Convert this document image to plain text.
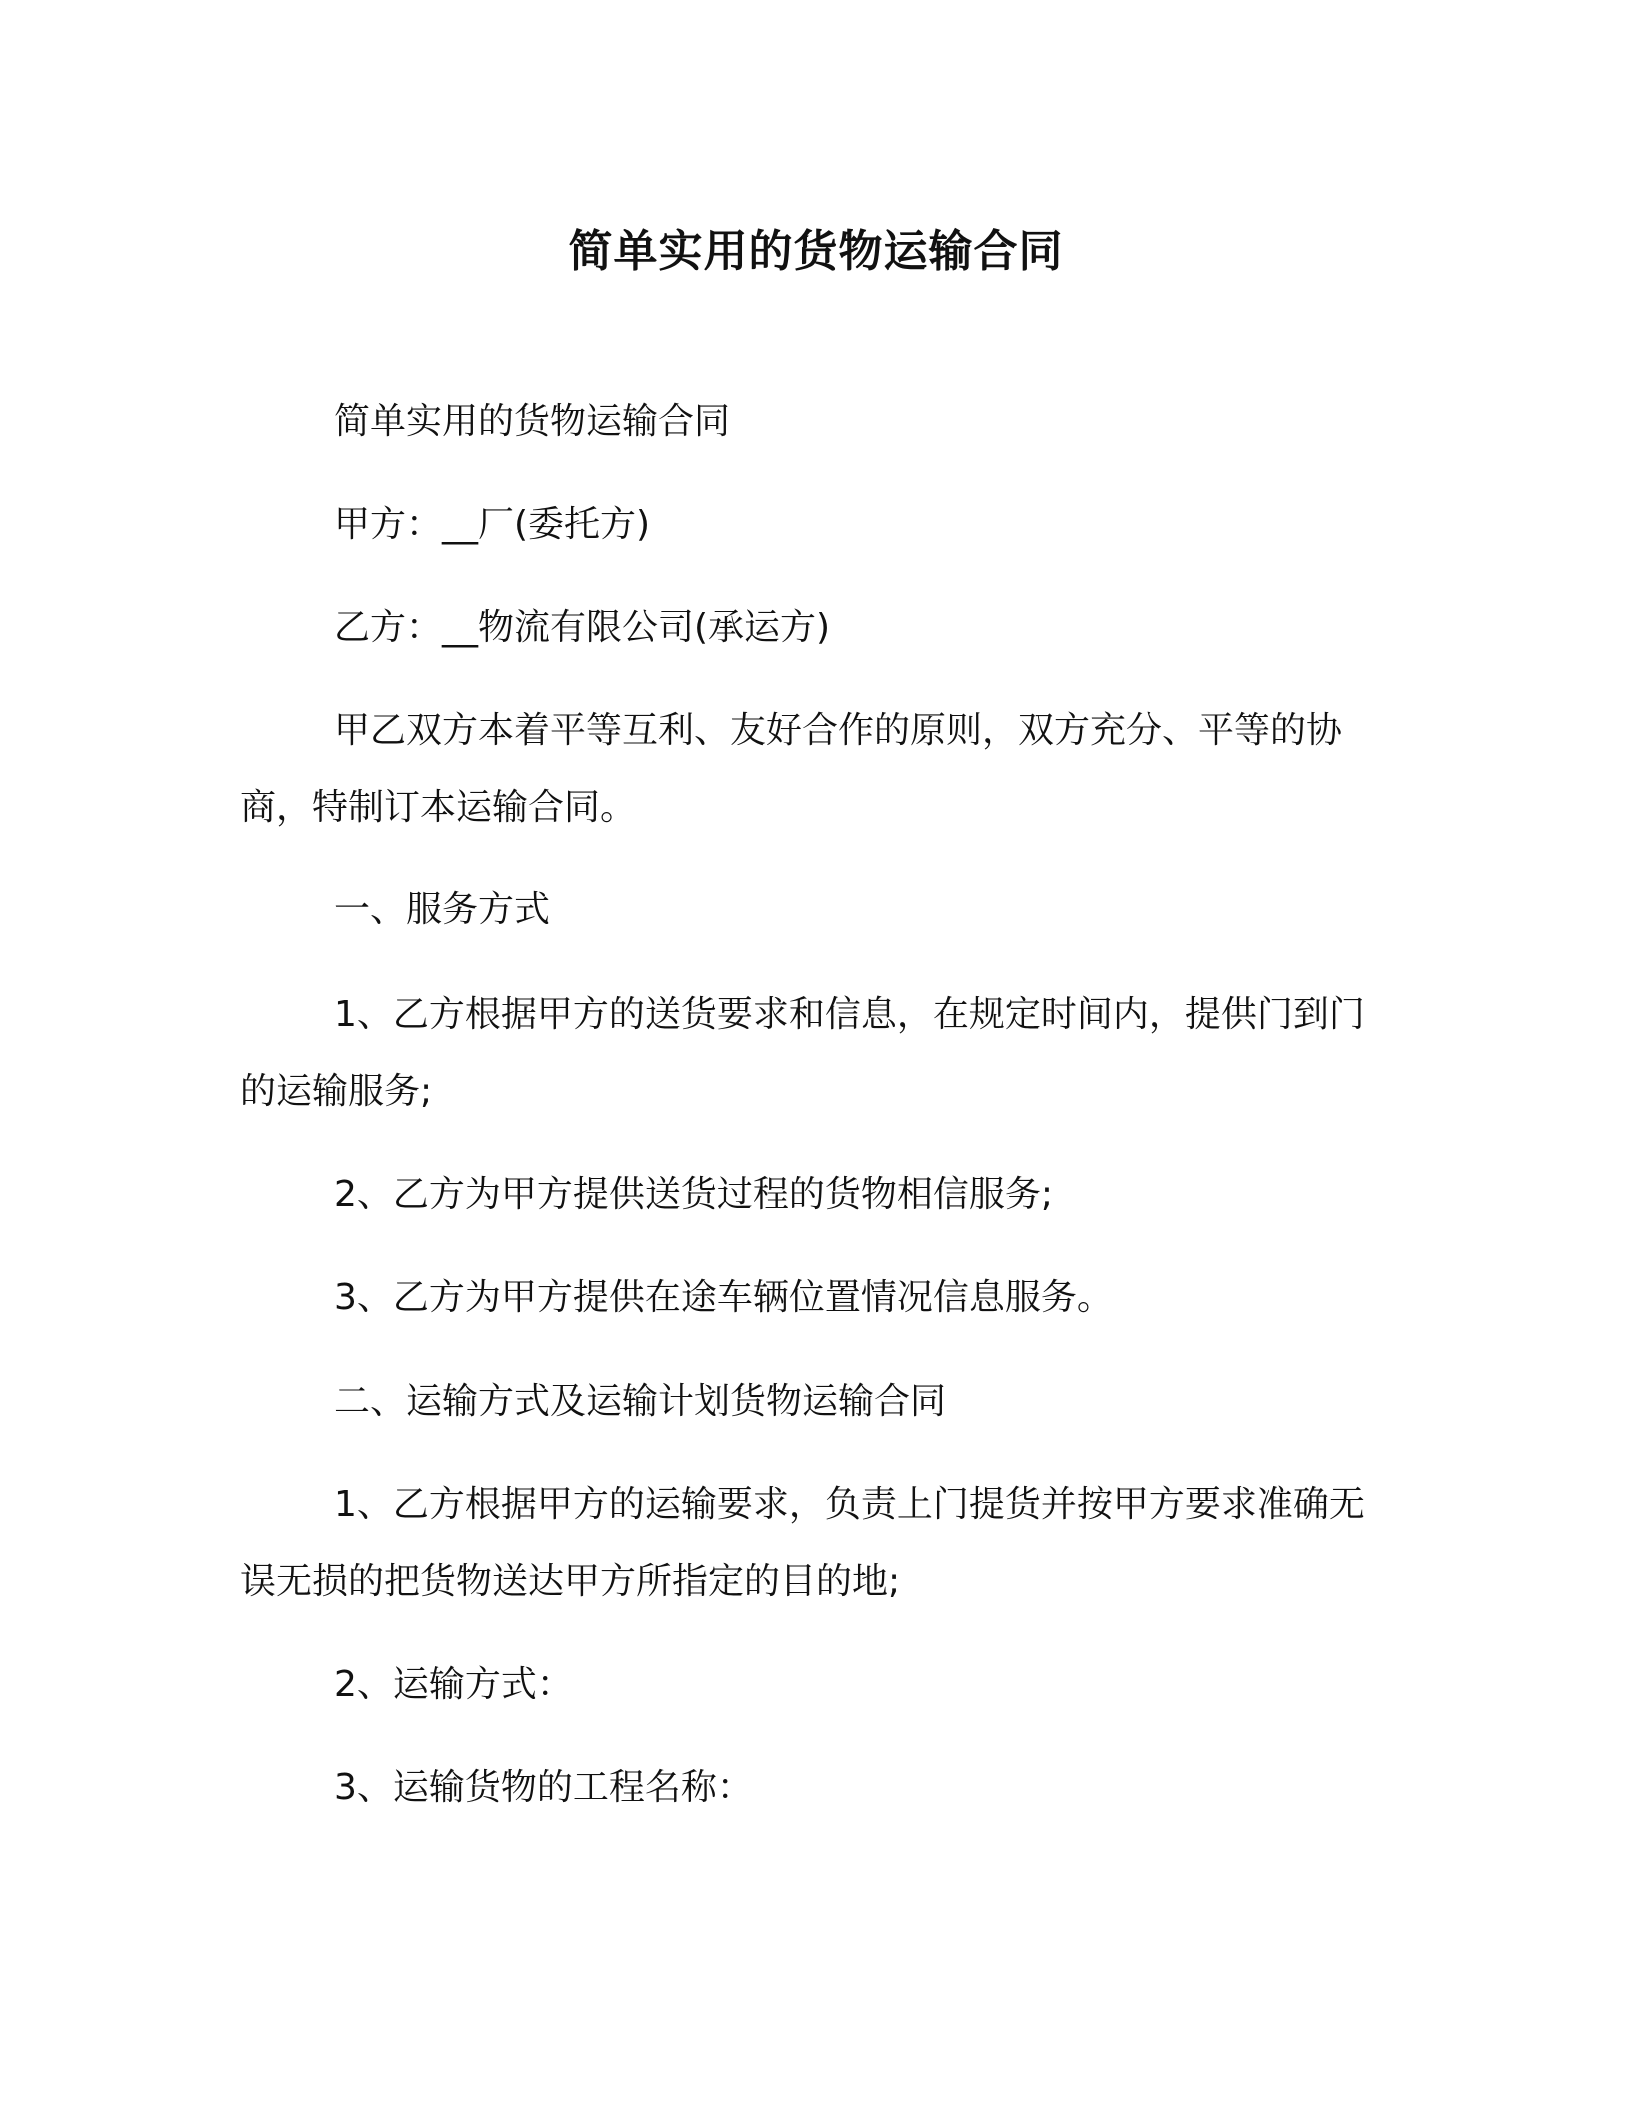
简单实用的货物运输合同

简单实用的货物运输合同

甲方：__厂(委托方)

乙方：__物流有限公司(承运方)

甲乙双方本着平等互利、友好合作的原则，双方充分、平等的协商，特制订本运输合同。

一、服务方式

1、乙方根据甲方的送货要求和信息，在规定时间内，提供门到门的运输服务;

2、乙方为甲方提供送货过程的货物相信服务;

3、乙方为甲方提供在途车辆位置情况信息服务。

二、运输方式及运输计划货物运输合同

1、乙方根据甲方的运输要求，负责上门提货并按甲方要求准确无误无损的把货物送达甲方所指定的目的地;

2、运输方式：

3、运输货物的工程名称：
